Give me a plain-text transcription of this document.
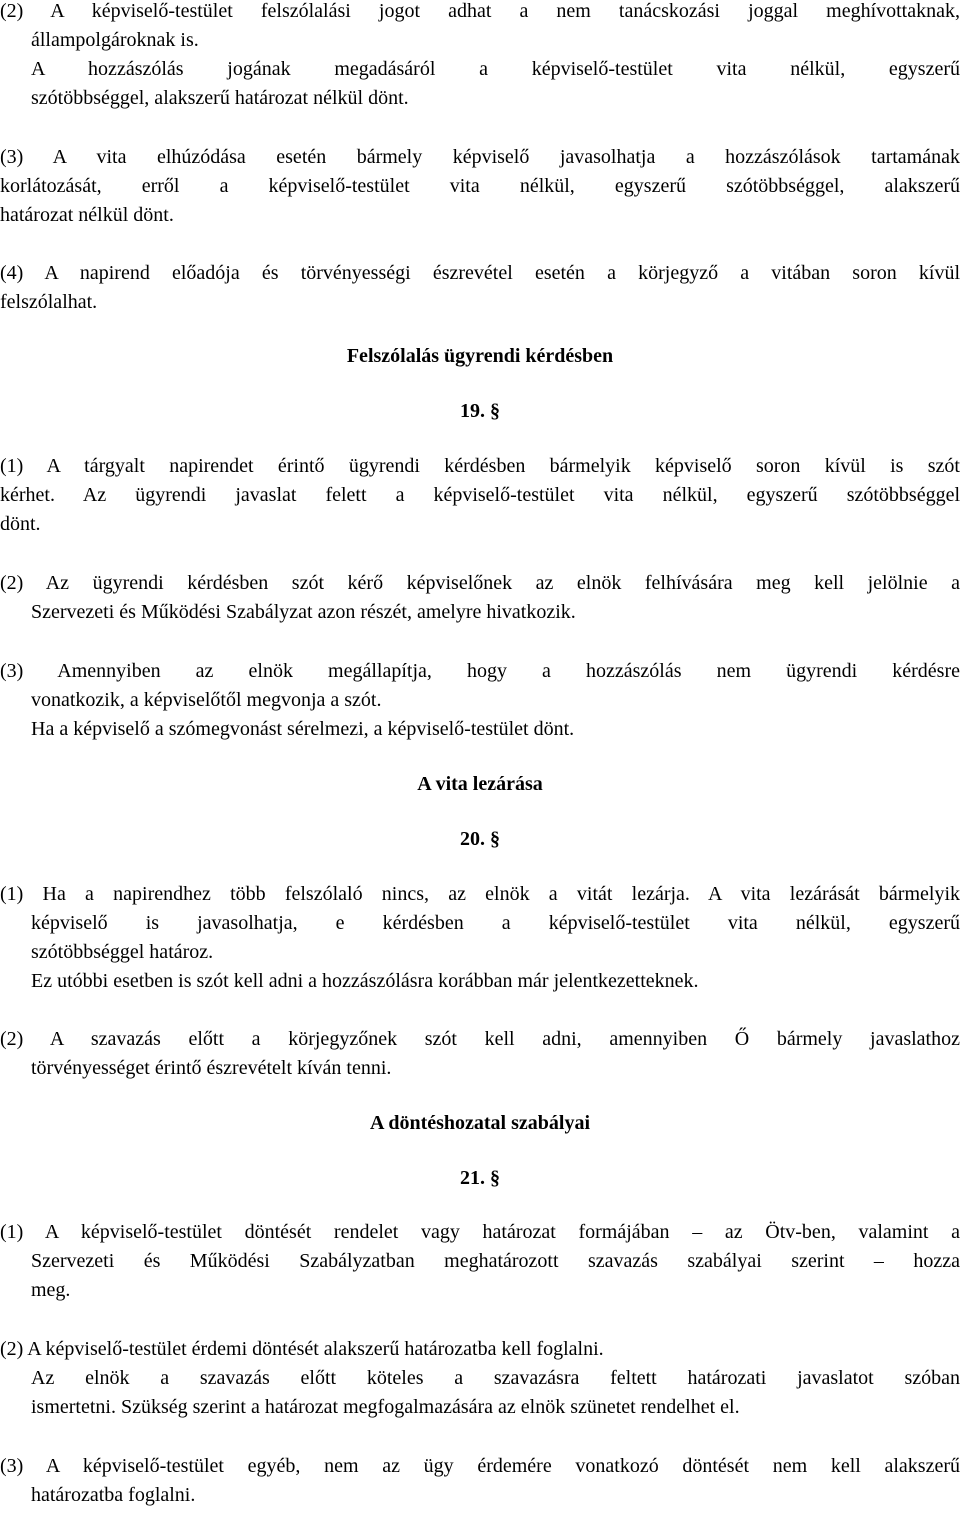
(2) A képviselő-testület felszólalási jogot adhat a nem tanácskozási joggal meghívottaknak,
állampolgároknak is.
A hozzászólás jogának megadásáról a képviselő-testület vita nélkül, egyszerű
szótöbbséggel, alakszerű határozat nélkül dönt.
(3) A vita elhúzódása esetén bármely képviselő javasolhatja a hozzászólások tartamának
korlátozását, erről a képviselő-testület vita nélkül, egyszerű szótöbbséggel, alakszerű
határozat nélkül dönt.
(4) A napirend előadója és törvényességi észrevétel esetén a körjegyző a vitában soron kívül
felszólalhat.
Felszólalás ügyrendi kérdésben
19. §
(1) A tárgyalt napirendet érintő ügyrendi kérdésben bármelyik képviselő soron kívül is szót
kérhet. Az ügyrendi javaslat felett a képviselő-testület vita nélkül, egyszerű szótöbbséggel
dönt.
(2) Az ügyrendi kérdésben szót kérő képviselőnek az elnök felhívására meg kell jelölnie a
Szervezeti és Működési Szabályzat azon részét, amelyre hivatkozik.
(3) Amennyiben az elnök megállapítja, hogy a hozzászólás nem ügyrendi kérdésre
vonatkozik, a képviselőtől megvonja a szót.
Ha a képviselő a szómegvonást sérelmezi, a képviselő-testület dönt.
A vita lezárása
20. §
(1) Ha a napirendhez több felszólaló nincs, az elnök a vitát lezárja. A vita lezárását bármelyik
képviselő is javasolhatja, e kérdésben a képviselő-testület vita nélkül, egyszerű
szótöbbséggel határoz.
Ez utóbbi esetben is szót kell adni a hozzászólásra korábban már jelentkezetteknek.
(2) A szavazás előtt a körjegyzőnek szót kell adni, amennyiben Ő bármely javaslathoz
törvényességet érintő észrevételt kíván tenni.
A döntéshozatal szabályai
21. §
(1) A képviselő-testület döntését rendelet vagy határozat formájában – az Ötv-ben, valamint a
Szervezeti és Működési Szabályzatban meghatározott szavazás szabályai szerint – hozza
meg.
(2) A képviselő-testület érdemi döntését alakszerű határozatba kell foglalni.
Az elnök a szavazás előtt köteles a szavazásra feltett határozati javaslatot szóban
ismertetni. Szükség szerint a határozat megfogalmazására az elnök szünetet rendelhet el.
(3) A képviselő-testület egyéb, nem az ügy érdemére vonatkozó döntését nem kell alakszerű
határozatba foglalni.
